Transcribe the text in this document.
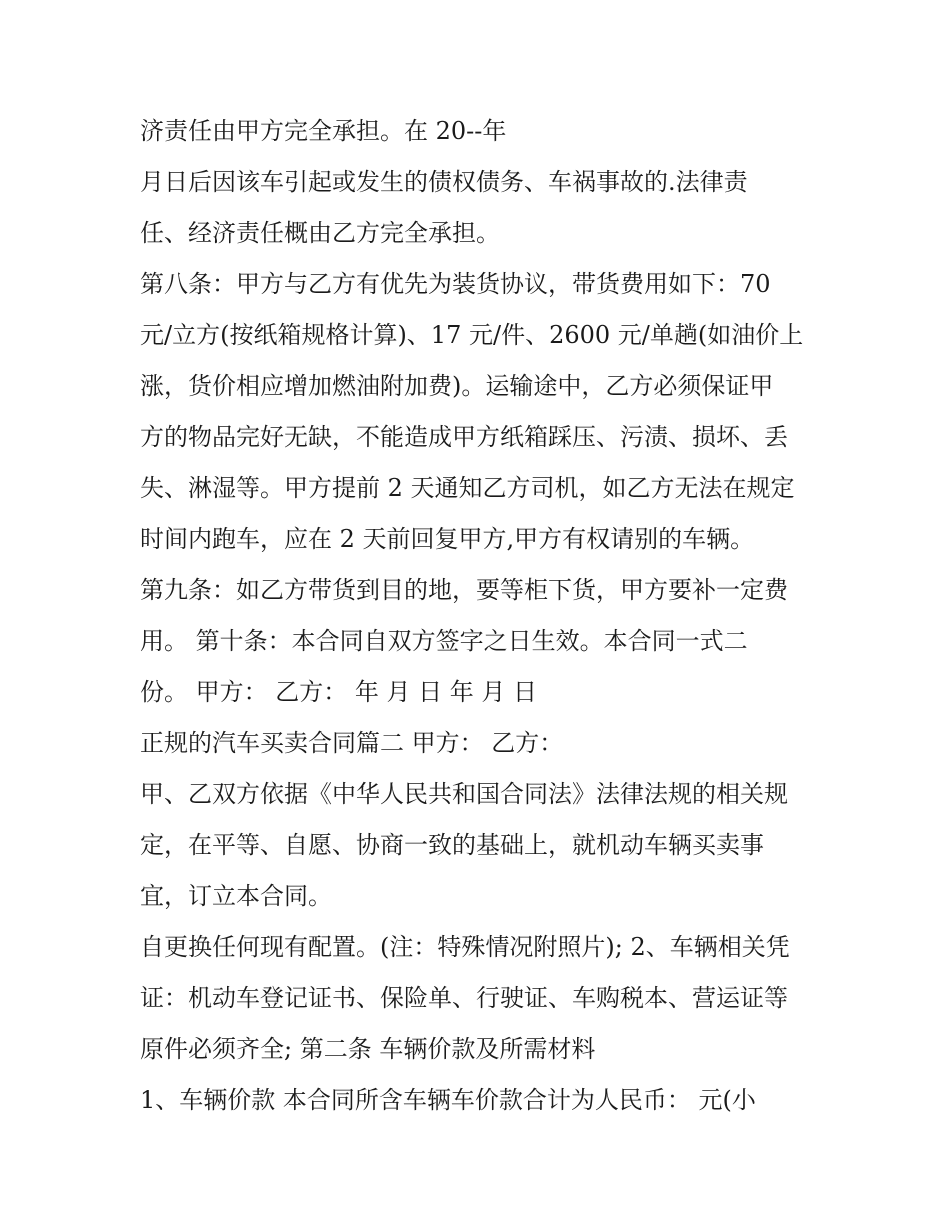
济责任由甲方完全承担。在 20--年
月日后因该车引起或发生的债权债务、车祸事故的.法律责
任、经济责任概由乙方完全承担。
第八条：甲方与乙方有优先为装货协议，带货费用如下：70
元/立方(按纸箱规格计算)、17 元/件、2600 元/单趟(如油价上
涨，货价相应增加燃油附加费)。运输途中，乙方必须保证甲
方的物品完好无缺，不能造成甲方纸箱踩压、污渍、损坏、丢
失、淋湿等。甲方提前 2 天通知乙方司机，如乙方无法在规定
时间内跑车，应在 2 天前回复甲方,甲方有权请别的车辆。
第九条：如乙方带货到目的地，要等柜下货，甲方要补一定费
用。 第十条：本合同自双方签字之日生效。本合同一式二
份。 甲方： 乙方： 年 月 日 年 月 日
正规的汽车买卖合同篇二 甲方： 乙方：
甲、乙双方依据《中华人民共和国合同法》法律法规的相关规
定，在平等、自愿、协商一致的基础上，就机动车辆买卖事
宜，订立本合同。
自更换任何现有配置。(注：特殊情况附照片); 2、车辆相关凭
证：机动车登记证书、保险单、行驶证、车购税本、营运证等
原件必须齐全; 第二条 车辆价款及所需材料
1、车辆价款 本合同所含车辆车价款合计为人民币： 元(小
